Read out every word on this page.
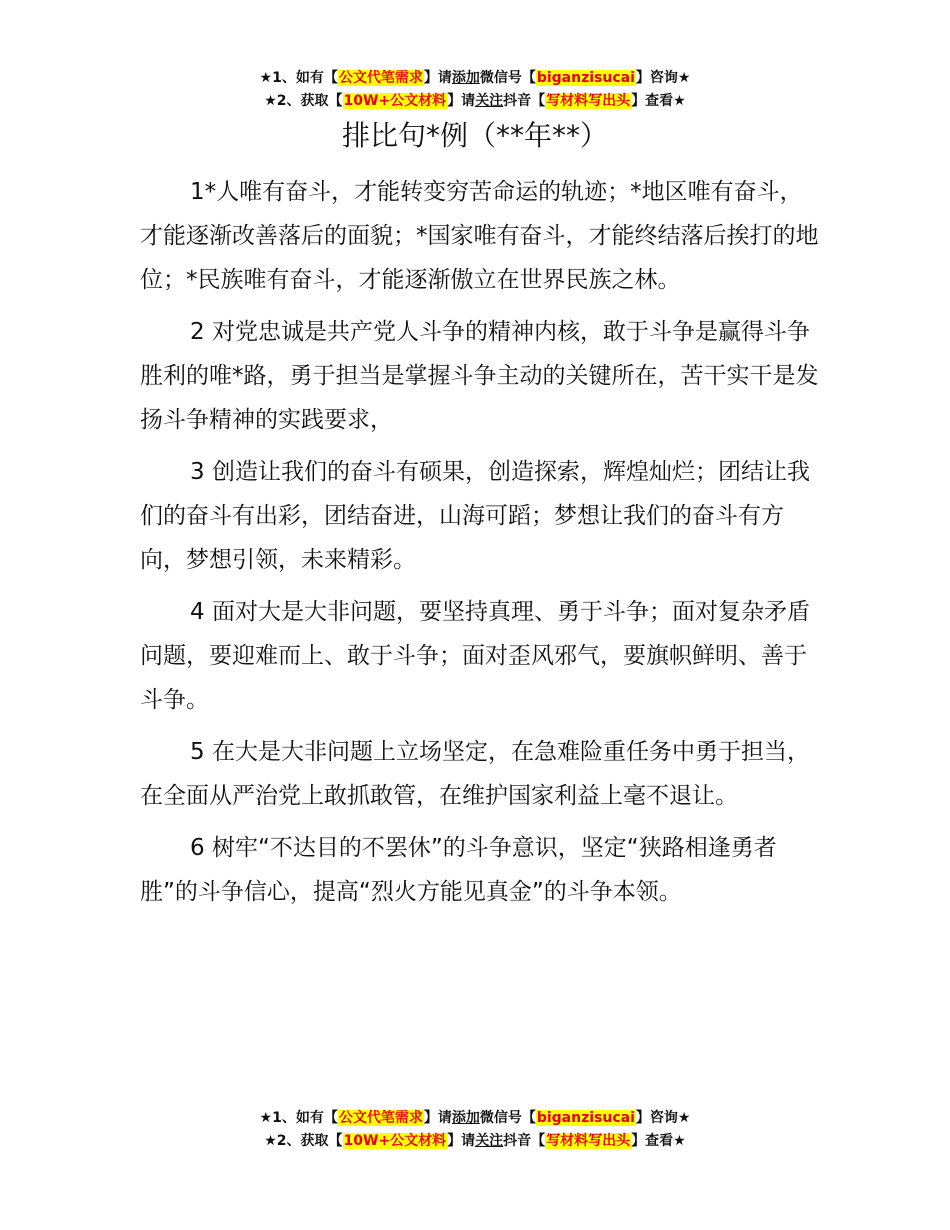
★1、如有【公文代笔需求】请添加微信号【biganzisucai】咨询★
★2、获取【10W+公文材料】请关注抖音【写材料写出头】查看★
排比句*例（**年**）

1*人唯有奋斗，才能转变穷苦命运的轨迹；*地区唯有奋斗，才能逐渐改善落后的面貌；*国家唯有奋斗，才能终结落后挨打的地位；*民族唯有奋斗，才能逐渐傲立在世界民族之林。

2 对党忠诚是共产党人斗争的精神内核，敢于斗争是赢得斗争胜利的唯*路，勇于担当是掌握斗争主动的关键所在，苦干实干是发扬斗争精神的实践要求，

3 创造让我们的奋斗有硕果，创造探索，辉煌灿烂；团结让我们的奋斗有出彩，团结奋进，山海可蹈；梦想让我们的奋斗有方向，梦想引领，未来精彩。

4 面对大是大非问题，要坚持真理、勇于斗争；面对复杂矛盾问题，要迎难而上、敢于斗争；面对歪风邪气，要旗帜鲜明、善于斗争。

5 在大是大非问题上立场坚定，在急难险重任务中勇于担当，在全面从严治党上敢抓敢管，在维护国家利益上毫不退让。

6 树牢“不达目的不罢休”的斗争意识，坚定“狭路相逢勇者胜”的斗争信心，提高“烈火方能见真金”的斗争本领。

★1、如有【公文代笔需求】请添加微信号【biganzisucai】咨询★
★2、获取【10W+公文材料】请关注抖音【写材料写出头】查看★
